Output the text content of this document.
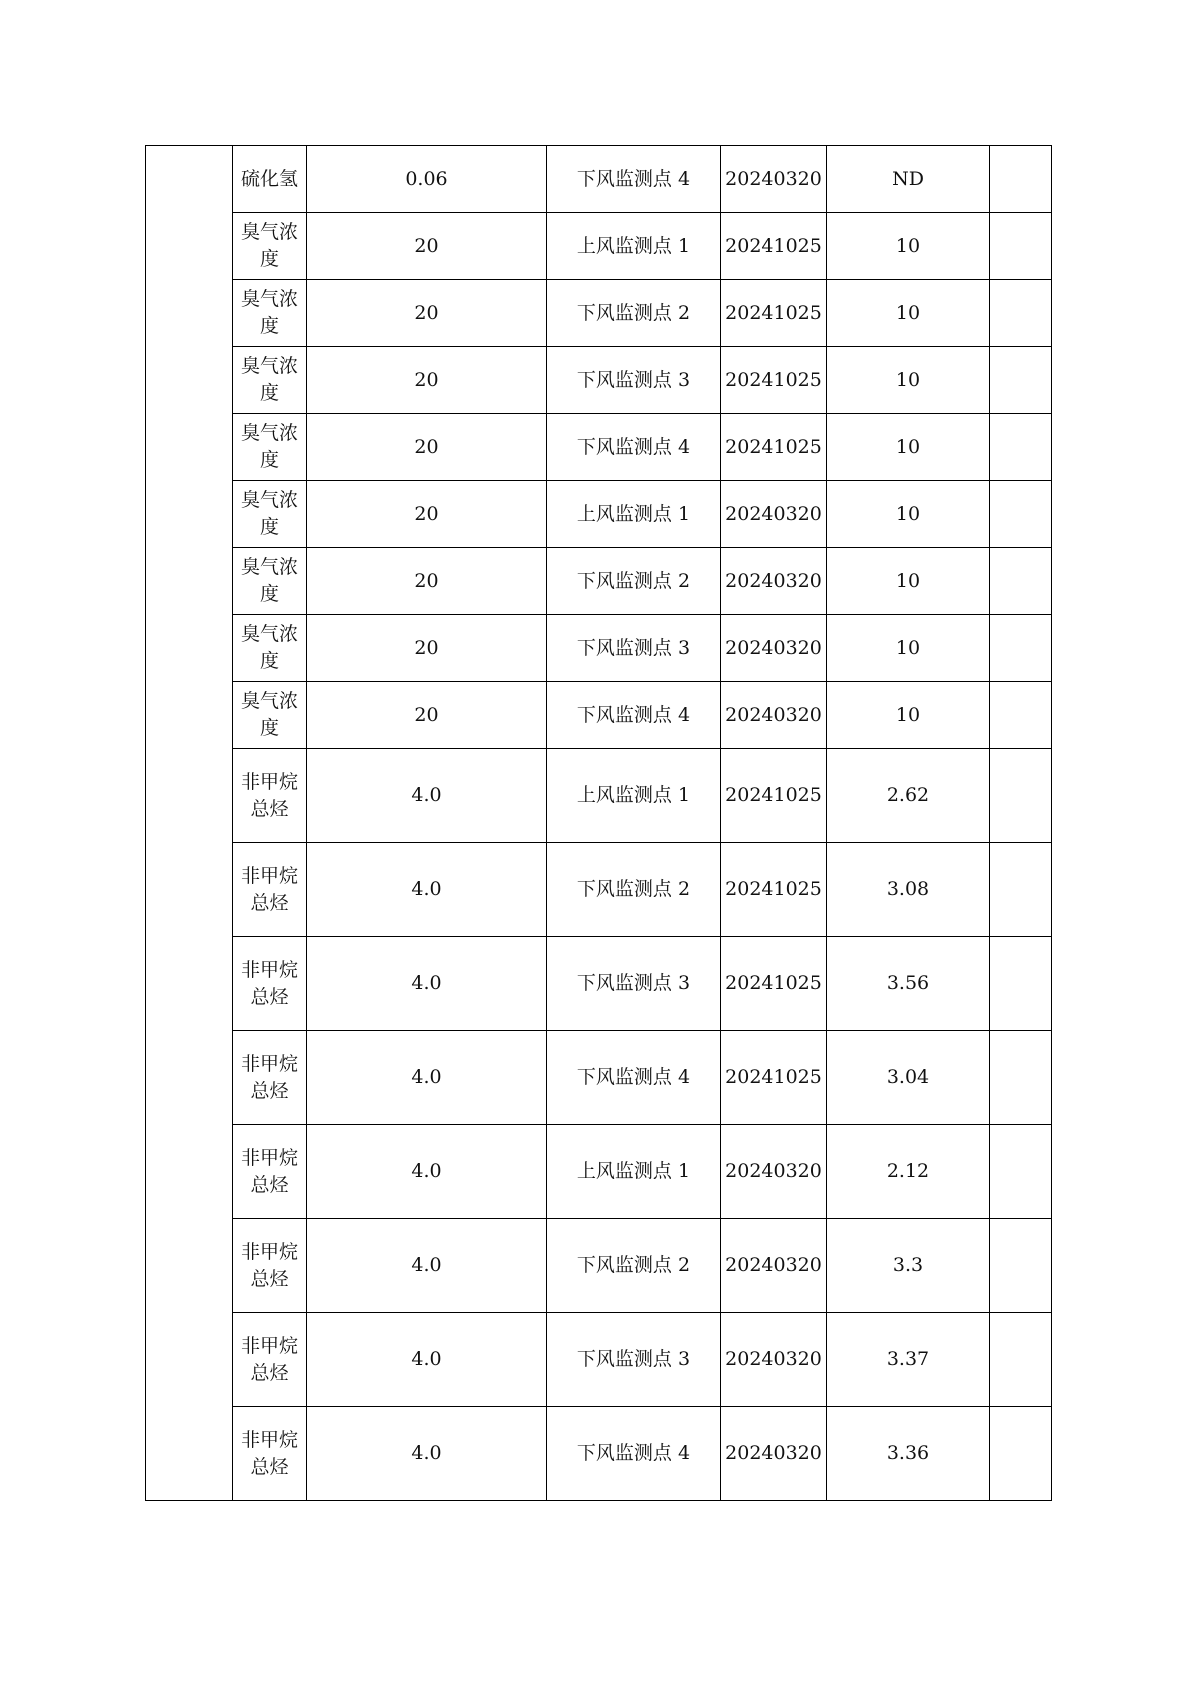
	硫化氢	0.06	下风监测点 4	20240320	ND	
	臭气浓度	20	上风监测点 1	20241025	10	
	臭气浓度	20	下风监测点 2	20241025	10	
	臭气浓度	20	下风监测点 3	20241025	10	
	臭气浓度	20	下风监测点 4	20241025	10	
	臭气浓度	20	上风监测点 1	20240320	10	
	臭气浓度	20	下风监测点 2	20240320	10	
	臭气浓度	20	下风监测点 3	20240320	10	
	臭气浓度	20	下风监测点 4	20240320	10	
	非甲烷总烃	4.0	上风监测点 1	20241025	2.62	
	非甲烷总烃	4.0	下风监测点 2	20241025	3.08	
	非甲烷总烃	4.0	下风监测点 3	20241025	3.56	
	非甲烷总烃	4.0	下风监测点 4	20241025	3.04	
	非甲烷总烃	4.0	上风监测点 1	20240320	2.12	
	非甲烷总烃	4.0	下风监测点 2	20240320	3.3	
	非甲烷总烃	4.0	下风监测点 3	20240320	3.37	
	非甲烷总烃	4.0	下风监测点 4	20240320	3.36	
